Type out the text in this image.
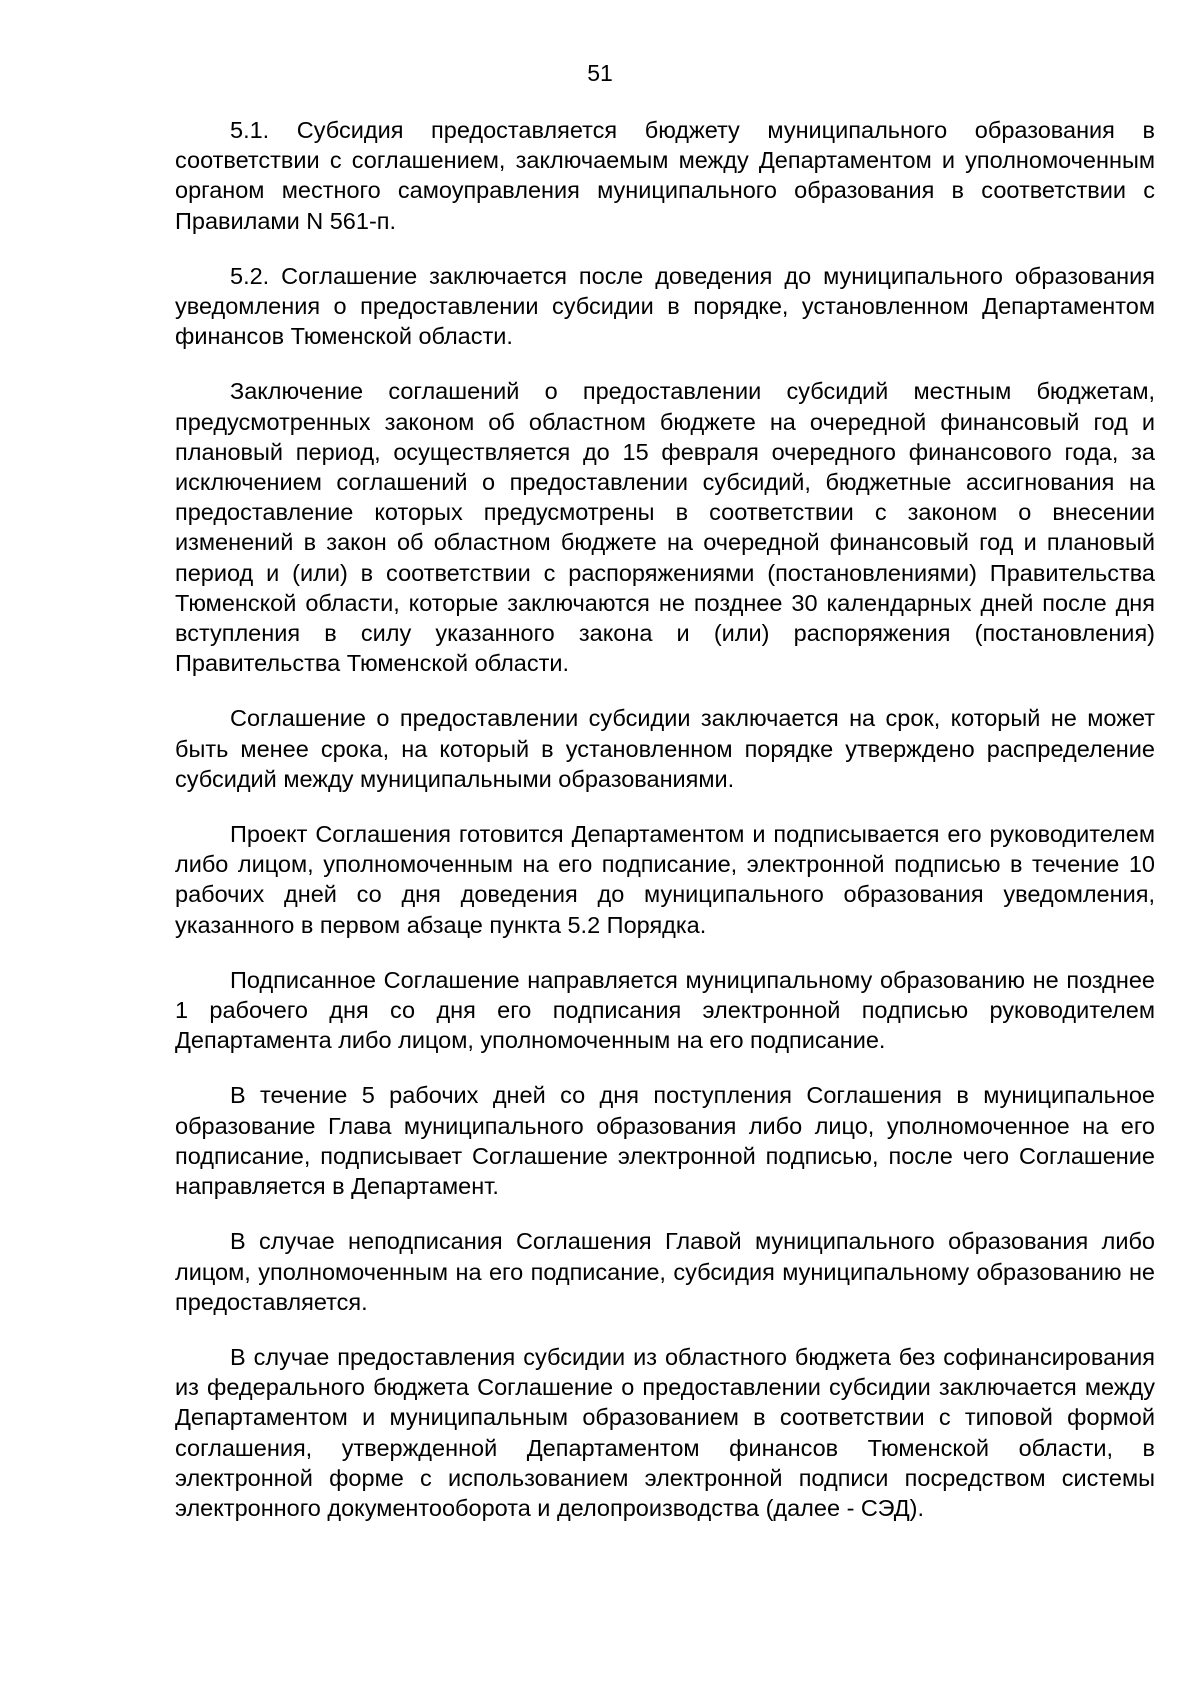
51

5.1. Субсидия предоставляется бюджету муниципального образования в соответствии с соглашением, заключаемым между Департаментом и уполномоченным органом местного самоуправления муниципального образования в соответствии с Правилами N 561-п.

5.2. Соглашение заключается после доведения до муниципального образования уведомления о предоставлении субсидии в порядке, установленном Департаментом финансов Тюменской области.

Заключение соглашений о предоставлении субсидий местным бюджетам, предусмотренных законом об областном бюджете на очередной финансовый год и плановый период, осуществляется до 15 февраля очередного финансового года, за исключением соглашений о предоставлении субсидий, бюджетные ассигнования на предоставление которых предусмотрены в соответствии с законом о внесении изменений в закон об областном бюджете на очередной финансовый год и плановый период и (или) в соответствии с распоряжениями (постановлениями) Правительства Тюменской области, которые заключаются не позднее 30 календарных дней после дня вступления в силу указанного закона и (или) распоряжения (постановления) Правительства Тюменской области.

Соглашение о предоставлении субсидии заключается на срок, который не может быть менее срока, на который в установленном порядке утверждено распределение субсидий между муниципальными образованиями.

Проект Соглашения готовится Департаментом и подписывается его руководителем либо лицом, уполномоченным на его подписание, электронной подписью в течение 10 рабочих дней со дня доведения до муниципального образования уведомления, указанного в первом абзаце пункта 5.2 Порядка.

Подписанное Соглашение направляется муниципальному образованию не позднее 1 рабочего дня со дня его подписания электронной подписью руководителем Департамента либо лицом, уполномоченным на его подписание.

В течение 5 рабочих дней со дня поступления Соглашения в муниципальное образование Глава муниципального образования либо лицо, уполномоченное на его подписание, подписывает Соглашение электронной подписью, после чего Соглашение направляется в Департамент.

В случае неподписания Соглашения Главой муниципального образования либо лицом, уполномоченным на его подписание, субсидия муниципальному образованию не предоставляется.

В случае предоставления субсидии из областного бюджета без софинансирования из федерального бюджета Соглашение о предоставлении субсидии заключается между Департаментом и муниципальным образованием в соответствии с типовой формой соглашения, утвержденной Департаментом финансов Тюменской области, в электронной форме с использованием электронной подписи посредством системы электронного документооборота и делопроизводства (далее - СЭД).
